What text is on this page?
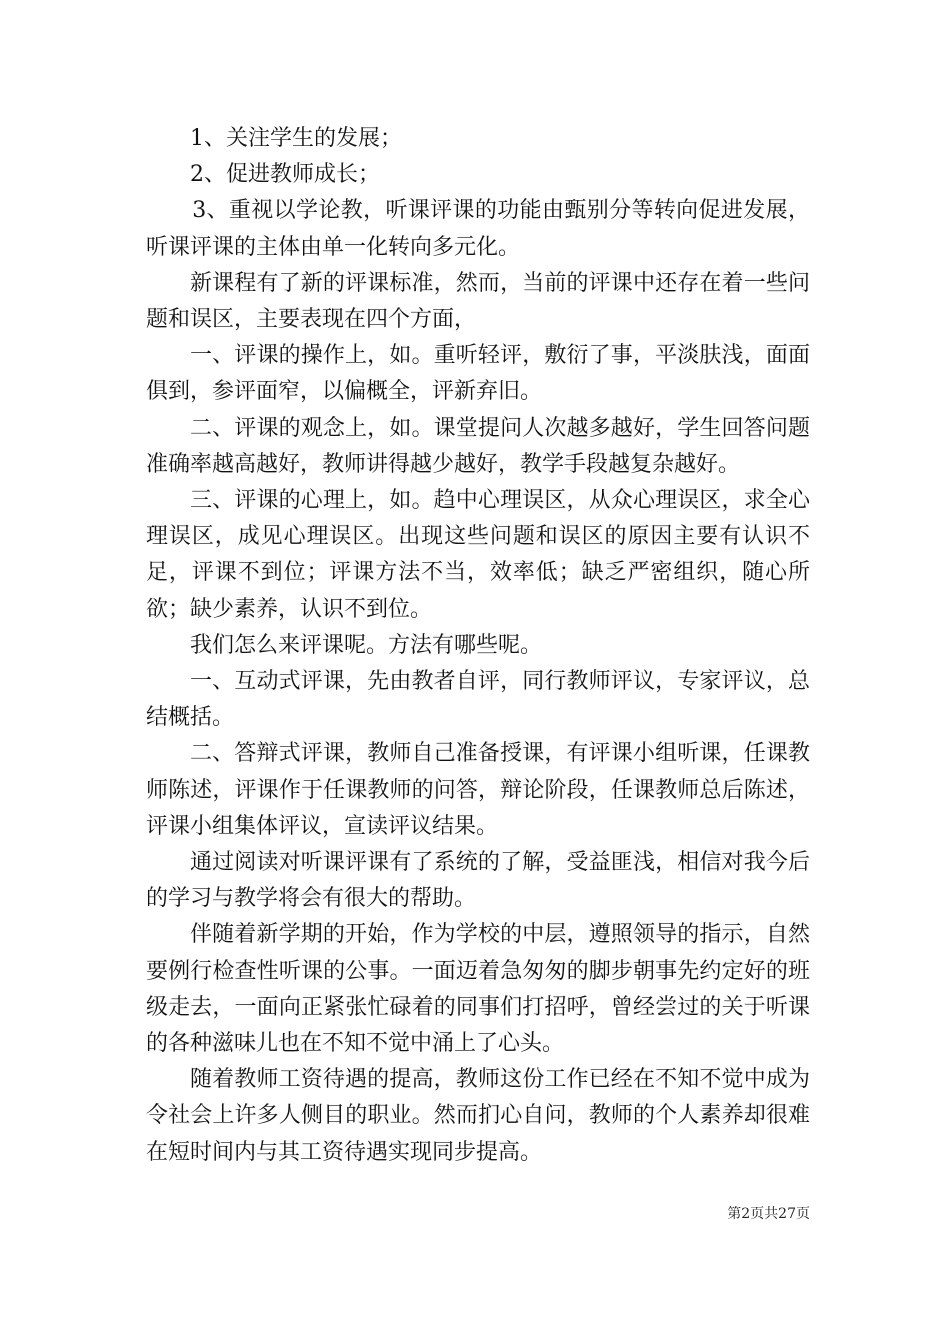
1、关注学生的发展；

2、促进教师成长；

3、重视以学论教，听课评课的功能由甄别分等转向促进发展，听课评课的主体由单一化转向多元化。

新课程有了新的评课标准，然而，当前的评课中还存在着一些问题和误区，主要表现在四个方面，

一、评课的操作上，如。重听轻评，敷衍了事，平淡肤浅，面面俱到，参评面窄，以偏概全，评新弃旧。

二、评课的观念上，如。课堂提问人次越多越好，学生回答问题准确率越高越好，教师讲得越少越好，教学手段越复杂越好。

三、评课的心理上，如。趋中心理误区，从众心理误区，求全心理误区，成见心理误区。出现这些问题和误区的原因主要有认识不足，评课不到位；评课方法不当，效率低；缺乏严密组织，随心所欲；缺少素养，认识不到位。

我们怎么来评课呢。方法有哪些呢。

一、互动式评课，先由教者自评，同行教师评议，专家评议，总结概括。

二、答辩式评课，教师自己准备授课，有评课小组听课，任课教师陈述，评课作于任课教师的问答，辩论阶段，任课教师总后陈述，评课小组集体评议，宣读评议结果。

通过阅读对听课评课有了系统的了解，受益匪浅，相信对我今后的学习与教学将会有很大的帮助。

伴随着新学期的开始，作为学校的中层，遵照领导的指示，自然要例行检查性听课的公事。一面迈着急匆匆的脚步朝事先约定好的班级走去，一面向正紧张忙碌着的同事们打招呼，曾经尝过的关于听课的各种滋味儿也在不知不觉中涌上了心头。

随着教师工资待遇的提高，教师这份工作已经在不知不觉中成为令社会上许多人侧目的职业。然而扪心自问，教师的个人素养却很难在短时间内与其工资待遇实现同步提高。

第2页共27页
